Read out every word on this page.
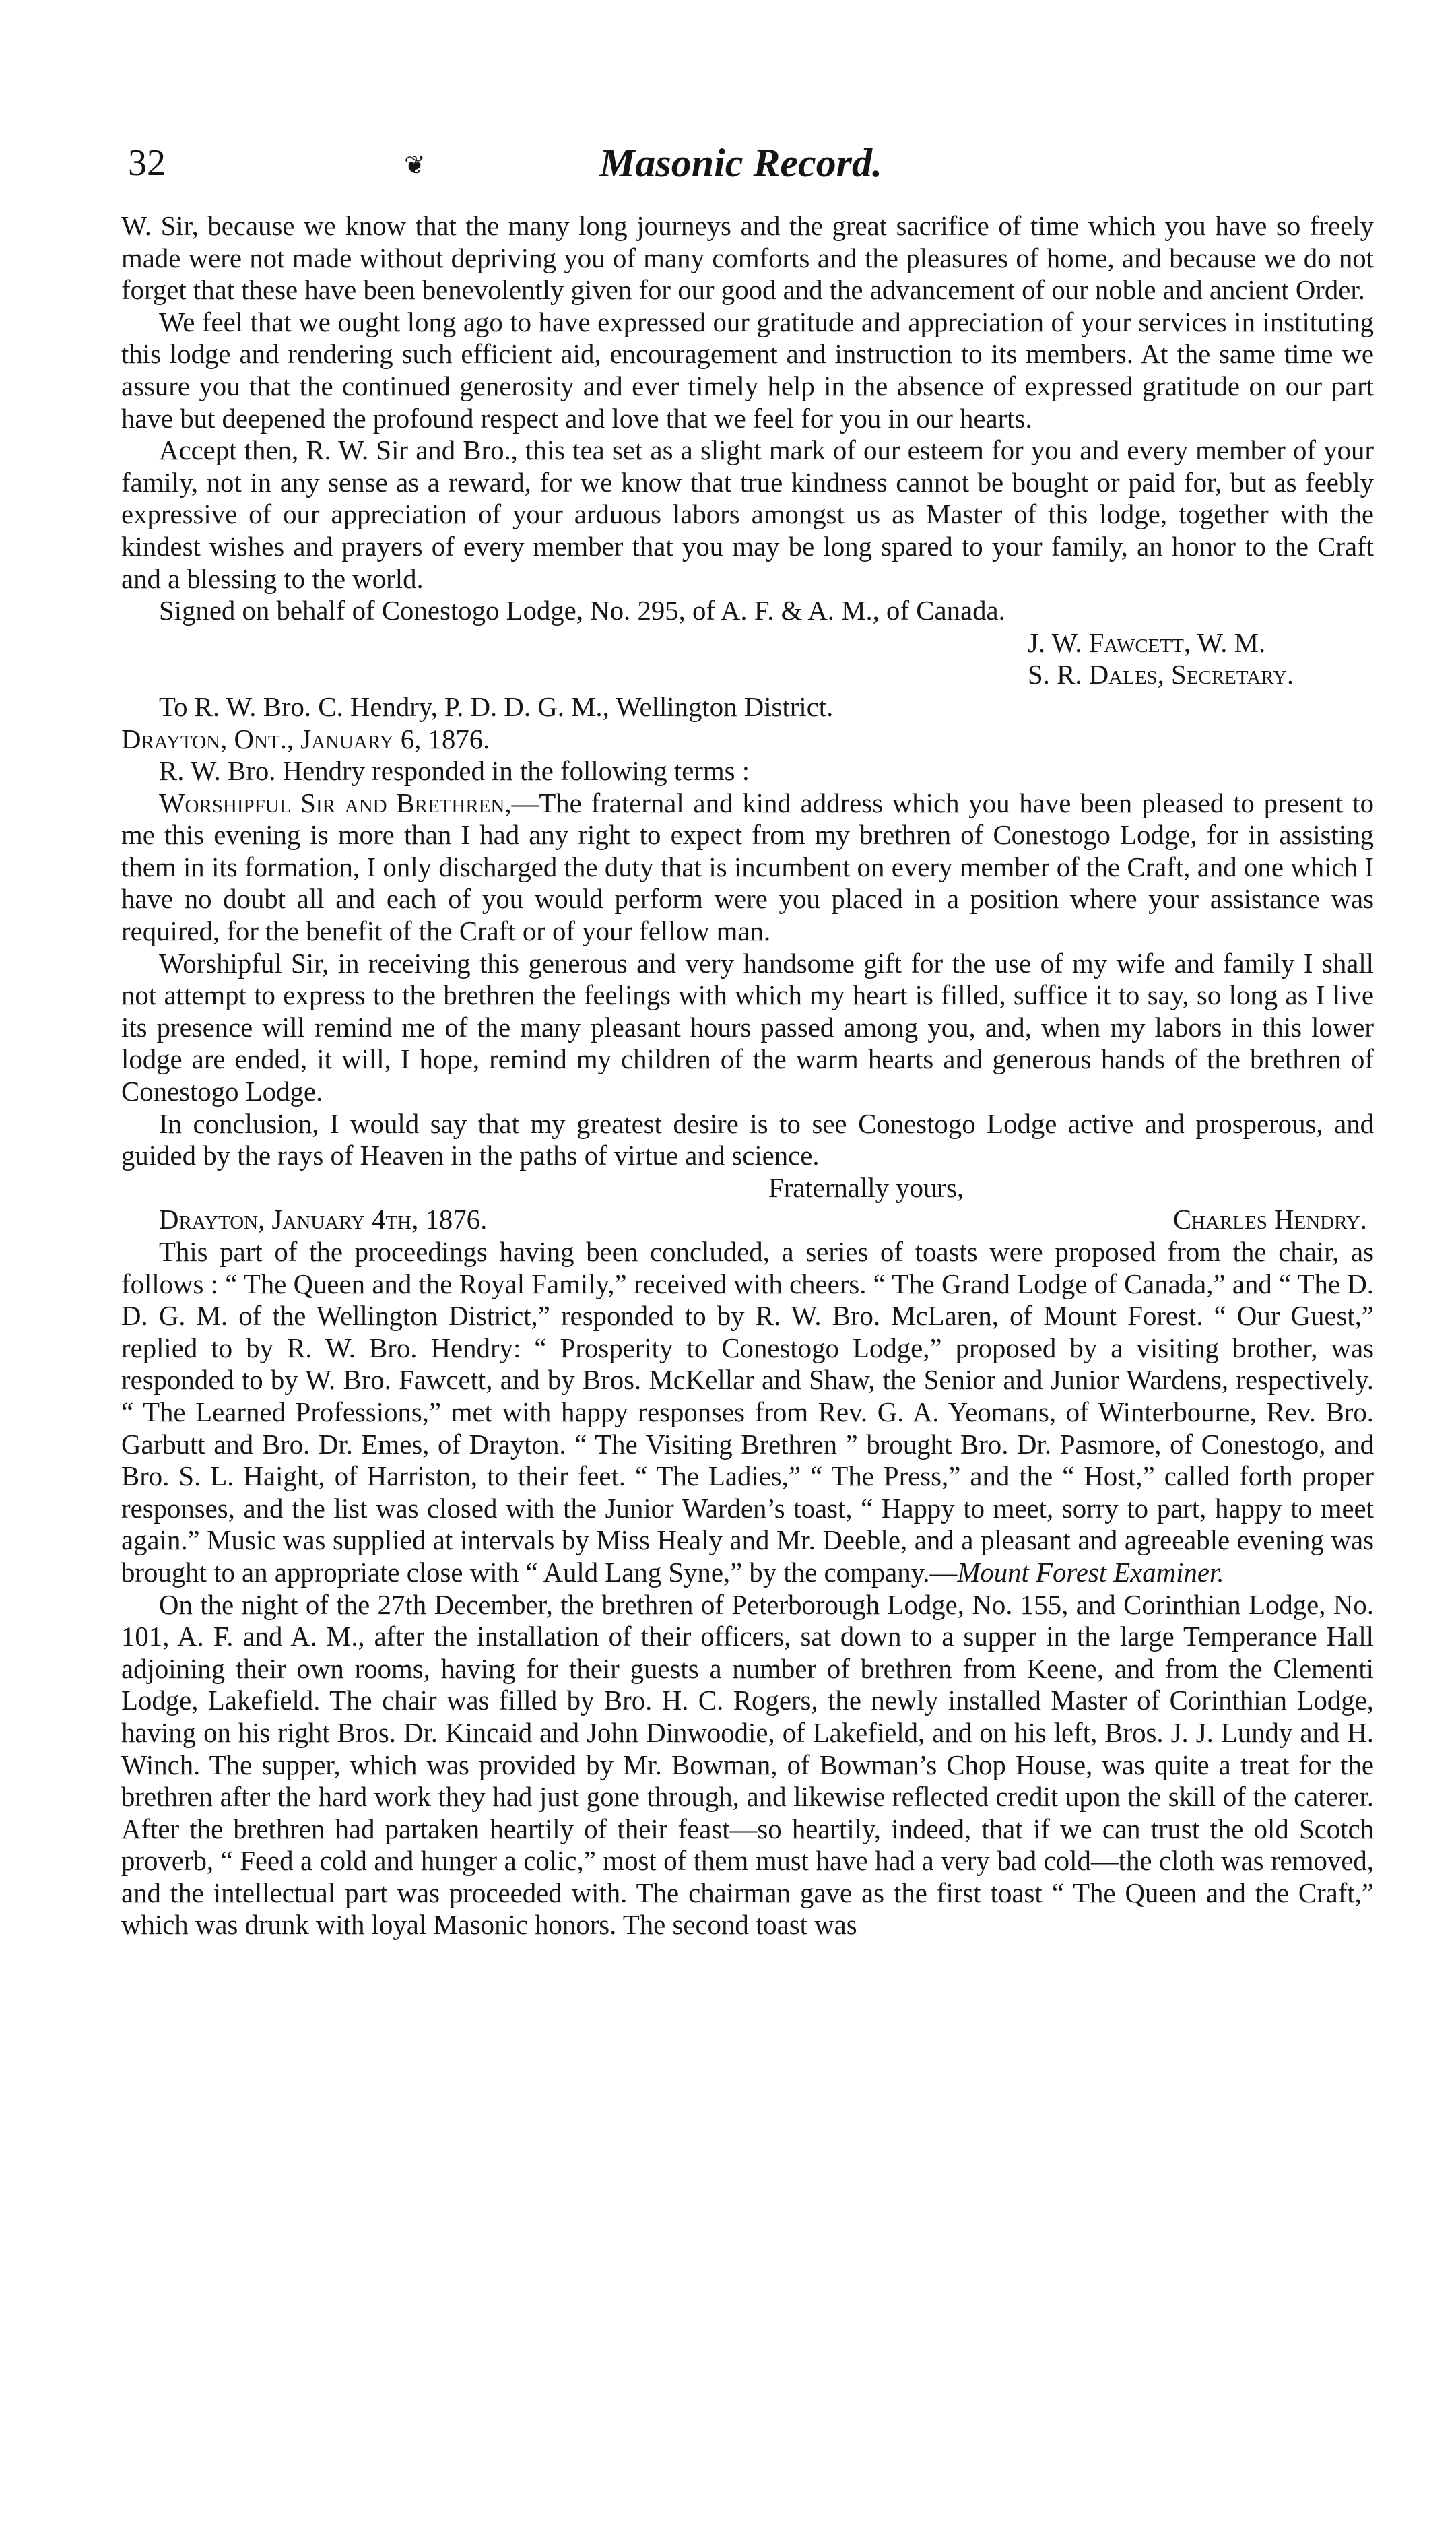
32	❦	Masonic Record.

W. Sir, because we know that the many long journeys and the great sacrifice of time which you have so freely made were not made without depriving you of many comforts and the pleasures of home, and because we do not forget that these have been benevolently given for our good and the advancement of our noble and ancient Order.

We feel that we ought long ago to have expressed our gratitude and appreciation of your services in instituting this lodge and rendering such efficient aid, encouragement and instruction to its members. At the same time we assure you that the continued generosity and ever timely help in the absence of expressed gratitude on our part have but deepened the profound respect and love that we feel for you in our hearts.

Accept then, R. W. Sir and Bro., this tea set as a slight mark of our esteem for you and every member of your family, not in any sense as a reward, for we know that true kindness cannot be bought or paid for, but as feebly expressive of our appreciation of your arduous labors amongst us as Master of this lodge, together with the kindest wishes and prayers of every member that you may be long spared to your family, an honor to the Craft and a blessing to the world.

Signed on behalf of Conestogo Lodge, No. 295, of A. F. & A. M., of Canada.

J. W. Fawcett, W. M.

S. R. Dales, Secretary.

To R. W. Bro. C. Hendry, P. D. D. G. M., Wellington District.

Drayton, Ont., January 6, 1876.

R. W. Bro. Hendry responded in the following terms :

Worshipful Sir and Brethren,—The fraternal and kind address which you have been pleased to present to me this evening is more than I had any right to expect from my brethren of Conestogo Lodge, for in assisting them in its formation, I only discharged the duty that is incumbent on every member of the Craft, and one which I have no doubt all and each of you would perform were you placed in a position where your assistance was required, for the benefit of the Craft or of your fellow man.

Worshipful Sir, in receiving this generous and very handsome gift for the use of my wife and family I shall not attempt to express to the brethren the feelings with which my heart is filled, suffice it to say, so long as I live its presence will remind me of the many pleasant hours passed among you, and, when my labors in this lower lodge are ended, it will, I hope, remind my children of the warm hearts and generous hands of the brethren of Conestogo Lodge.

In conclusion, I would say that my greatest desire is to see Conestogo Lodge active and prosperous, and guided by the rays of Heaven in the paths of virtue and science.

Fraternally yours,

Drayton, January 4th, 1876.	Charles Hendry.

This part of the proceedings having been concluded, a series of toasts were proposed from the chair, as follows : “ The Queen and the Royal Family,” received with cheers. “ The Grand Lodge of Canada,” and “ The D. D. G. M. of the Wellington District,” responded to by R. W. Bro. McLaren, of Mount Forest. “ Our Guest,” replied to by R. W. Bro. Hendry: “ Prosperity to Conestogo Lodge,” proposed by a visiting brother, was responded to by W. Bro. Fawcett, and by Bros. McKellar and Shaw, the Senior and Junior Wardens, respectively. “ The Learned Professions,” met with happy responses from Rev. G. A. Yeomans, of Winterbourne, Rev. Bro. Garbutt and Bro. Dr. Emes, of Drayton. “ The Visiting Brethren ” brought Bro. Dr. Pasmore, of Conestogo, and Bro. S. L. Haight, of Harriston, to their feet. “ The Ladies,” “ The Press,” and the “ Host,” called forth proper responses, and the list was closed with the Junior Warden’s toast, “ Happy to meet, sorry to part, happy to meet again.” Music was supplied at intervals by Miss Healy and Mr. Deeble, and a pleasant and agreeable evening was brought to an appropriate close with “ Auld Lang Syne,” by the company.—Mount Forest Examiner.

On the night of the 27th December, the brethren of Peterborough Lodge, No. 155, and Corinthian Lodge, No. 101, A. F. and A. M., after the installation of their officers, sat down to a supper in the large Temperance Hall adjoining their own rooms, having for their guests a number of brethren from Keene, and from the Clementi Lodge, Lakefield. The chair was filled by Bro. H. C. Rogers, the newly installed Master of Corinthian Lodge, having on his right Bros. Dr. Kincaid and John Dinwoodie, of Lakefield, and on his left, Bros. J. J. Lundy and H. Winch. The supper, which was provided by Mr. Bowman, of Bowman’s Chop House, was quite a treat for the brethren after the hard work they had just gone through, and likewise reflected credit upon the skill of the caterer. After the brethren had partaken heartily of their feast—so heartily, indeed, that if we can trust the old Scotch proverb, “ Feed a cold and hunger a colic,” most of them must have had a very bad cold—the cloth was removed, and the intellectual part was proceeded with. The chairman gave as the first toast “ The Queen and the Craft,” which was drunk with loyal Masonic honors. The second toast was
